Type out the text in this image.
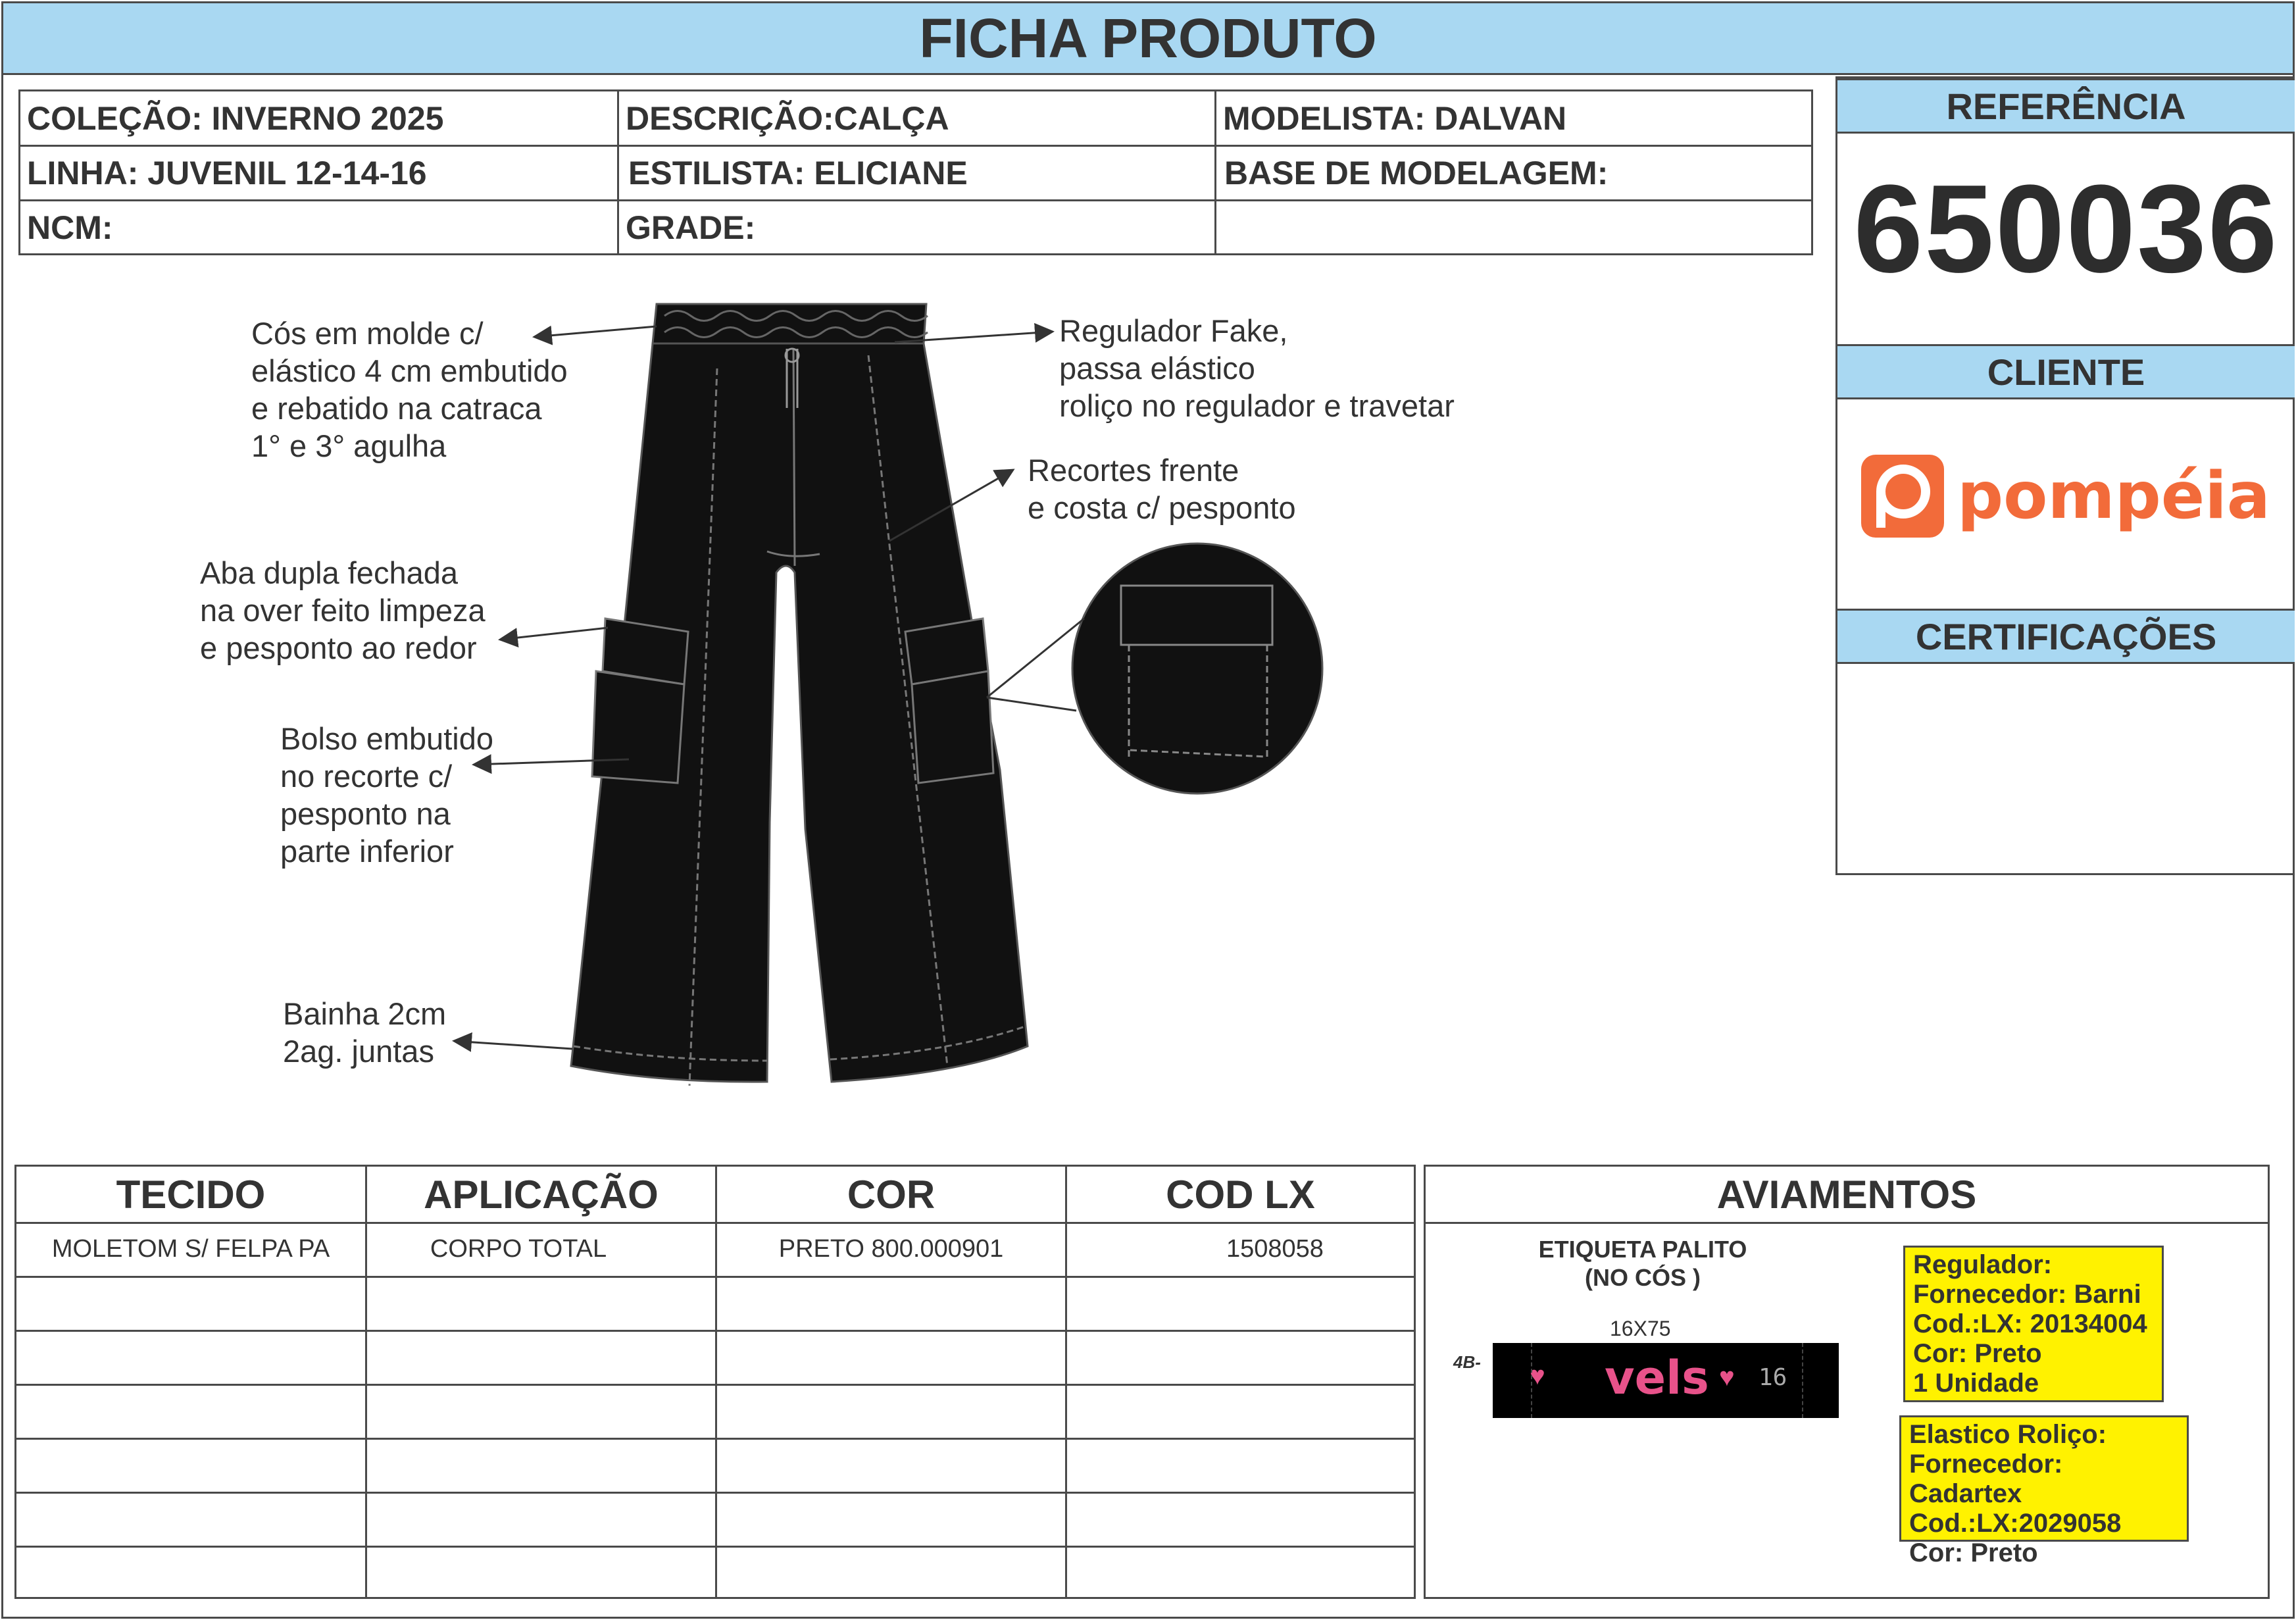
FICHA PRODUTO
COLEÇÃO: INVERNO 2025	DESCRIÇÃO:CALÇA	MODELISTA: DALVAN
LINHA: JUVENIL 12-14-16	ESTILISTA: ELICIANE	BASE DE MODELAGEM:
NCM:	GRADE:
REFERÊNCIA
650036
CLIENTE
pompéia
CERTIFICAÇÕES
Cós em molde c/
elástico 4 cm embutido
e rebatido na catraca
1° e 3° agulha
Regulador Fake,
passa elástico
roliço no regulador e travetar
Recortes frente
e costa c/ pesponto
Aba dupla fechada
na over feito limpeza
e pesponto ao redor
Bolso embutido
no recorte c/
pesponto na
parte inferior
Bainha 2cm
2ag. juntas
TECIDO	APLICAÇÃO	COR	COD LX
MOLETOM S/ FELPA PA	CORPO TOTAL	PRETO 800.000901	1508058
AVIAMENTOS
ETIQUETA PALITO
(NO CÓS )
16X75
4B- ♥ vels ♥ 16
Regulador:
Fornecedor: Barni
Cod.:LX: 20134004
Cor: Preto
1 Unidade
Elastico Roliço:
Fornecedor: Cadartex
Cod.:LX:2029058
Cor: Preto
